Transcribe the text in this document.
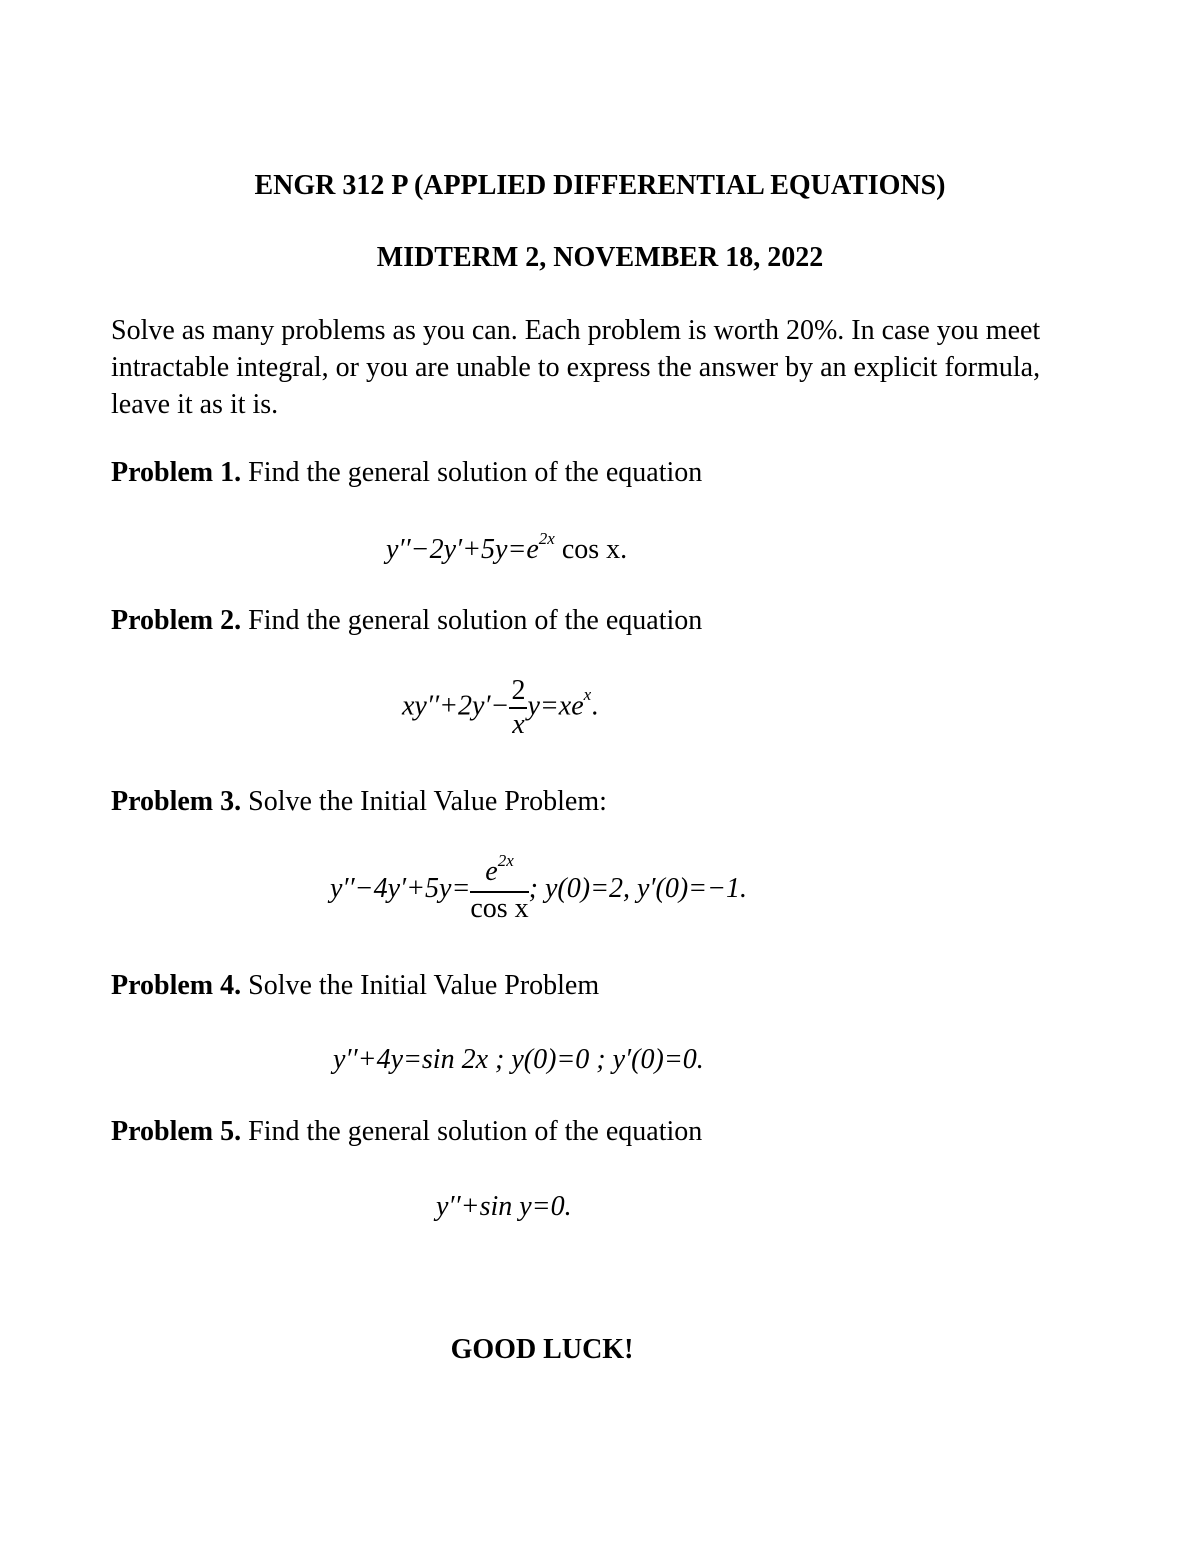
ENGR 312 P (APPLIED DIFFERENTIAL EQUATIONS)
MIDTERM 2, NOVEMBER 18, 2022
Solve as many problems as you can. Each problem is worth 20%. In case you meet intractable integral, or you are unable to express the answer by an explicit formula, leave it as it is.
Problem 1. Find the general solution of the equation
$y''-2y'+5y=e^{2x}$ cos x.
Problem 2. Find the general solution of the equation
$xy''+2y'- \frac{2}{x} y=xe^x$.
Problem 3. Solve the Initial Value Problem:
$y''-4y'+5y= \frac{e^{2x}}{\text{cos x}}$ ; y(0)=2, y′(0)=−1.
Problem 4. Solve the Initial Value Problem
y′′+4y=sin 2x ; y(0)=0 ; y′(0)=0.
Problem 5. Find the general solution of the equation
y′′+sin y=0.
GOOD LUCK!
